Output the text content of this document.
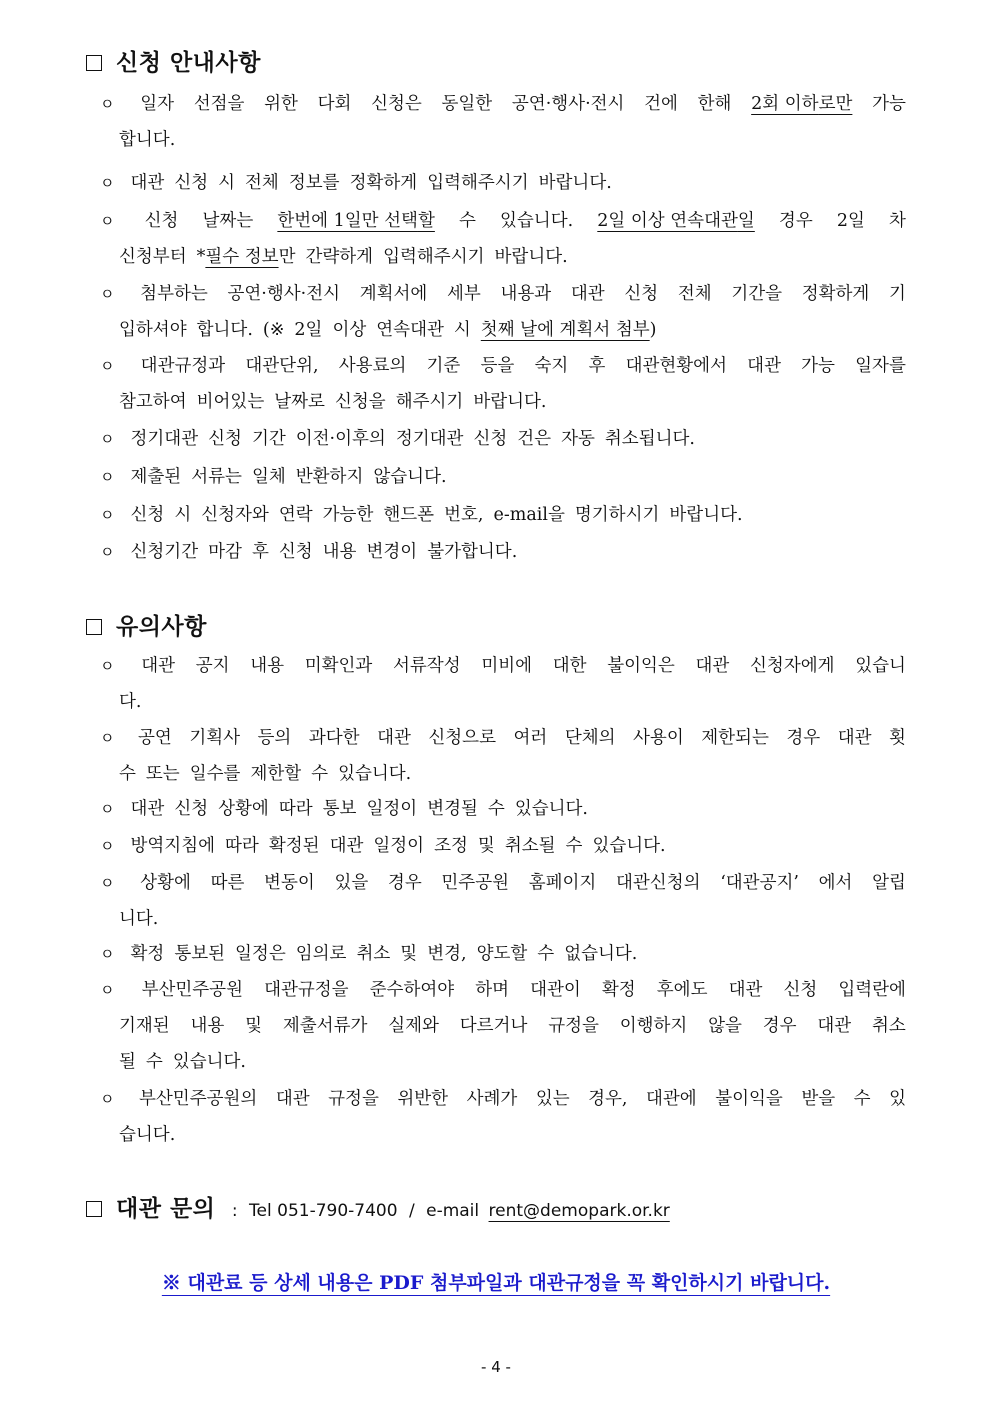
신청 안내사항
ㅇ 일자 선점을 위한 다회 신청은 동일한 공연·행사·전시 건에 한해 2회 이하로만 가능
합니다.
ㅇ 대관 신청 시 전체 정보를 정확하게 입력해주시기 바랍니다.
ㅇ 신청 날짜는 한번에 1일만 선택할 수 있습니다. 2일 이상 연속대관일 경우 2일 차
신청부터 * 필수 정보 만 간략하게 입력해주시기 바랍니다.
ㅇ 첨부하는 공연·행사·전시 계획서에 세부 내용과 대관 신청 전체 기간을 정확하게 기
입하셔야 합니다. (※ 2일 이상 연속대관 시 첫째 날에 계획서 첨부 )
ㅇ 대관규정과 대관단위, 사용료의 기준 등을 숙지 후 대관현황에서 대관 가능 일자를
참고하여 비어있는 날짜로 신청을 해주시기 바랍니다.
ㅇ 정기대관 신청 기간 이전·이후의 정기대관 신청 건은 자동 취소됩니다.
ㅇ 제출된 서류는 일체 반환하지 않습니다.
ㅇ 신청 시 신청자와 연락 가능한 핸드폰 번호, e-mail을 명기하시기 바랍니다.
ㅇ 신청기간 마감 후 신청 내용 변경이 불가합니다.
유의사항
ㅇ 대관 공지 내용 미확인과 서류작성 미비에 대한 불이익은 대관 신청자에게 있습니
다.
ㅇ 공연 기획사 등의 과다한 대관 신청으로 여러 단체의 사용이 제한되는 경우 대관 횟
수 또는 일수를 제한할 수 있습니다.
ㅇ 대관 신청 상황에 따라 통보 일정이 변경될 수 있습니다.
ㅇ 방역지침에 따라 확정된 대관 일정이 조정 및 취소될 수 있습니다.
ㅇ 상황에 따른 변동이 있을 경우 민주공원 홈페이지 대관신청의 ‘대관공지’ 에서 알립
니다.
ㅇ 확정 통보된 일정은 임의로 취소 및 변경, 양도할 수 없습니다.
ㅇ 부산민주공원 대관규정을 준수하여야 하며 대관이 확정 후에도 대관 신청 입력란에
기재된 내용 및 제출서류가 실제와 다르거나 규정을 이행하지 않을 경우 대관 취소
될 수 있습니다.
ㅇ 부산민주공원의 대관 규정을 위반한 사례가 있는 경우, 대관에 불이익을 받을 수 있
습니다.
대관 문의 : Tel 051-790-7400 / e-mail rent@demopark.or.kr
※ 대관료 등 상세 내용은 PDF 첨부파일과 대관규정을 꼭 확인하시기 바랍니다.
- 4 -
